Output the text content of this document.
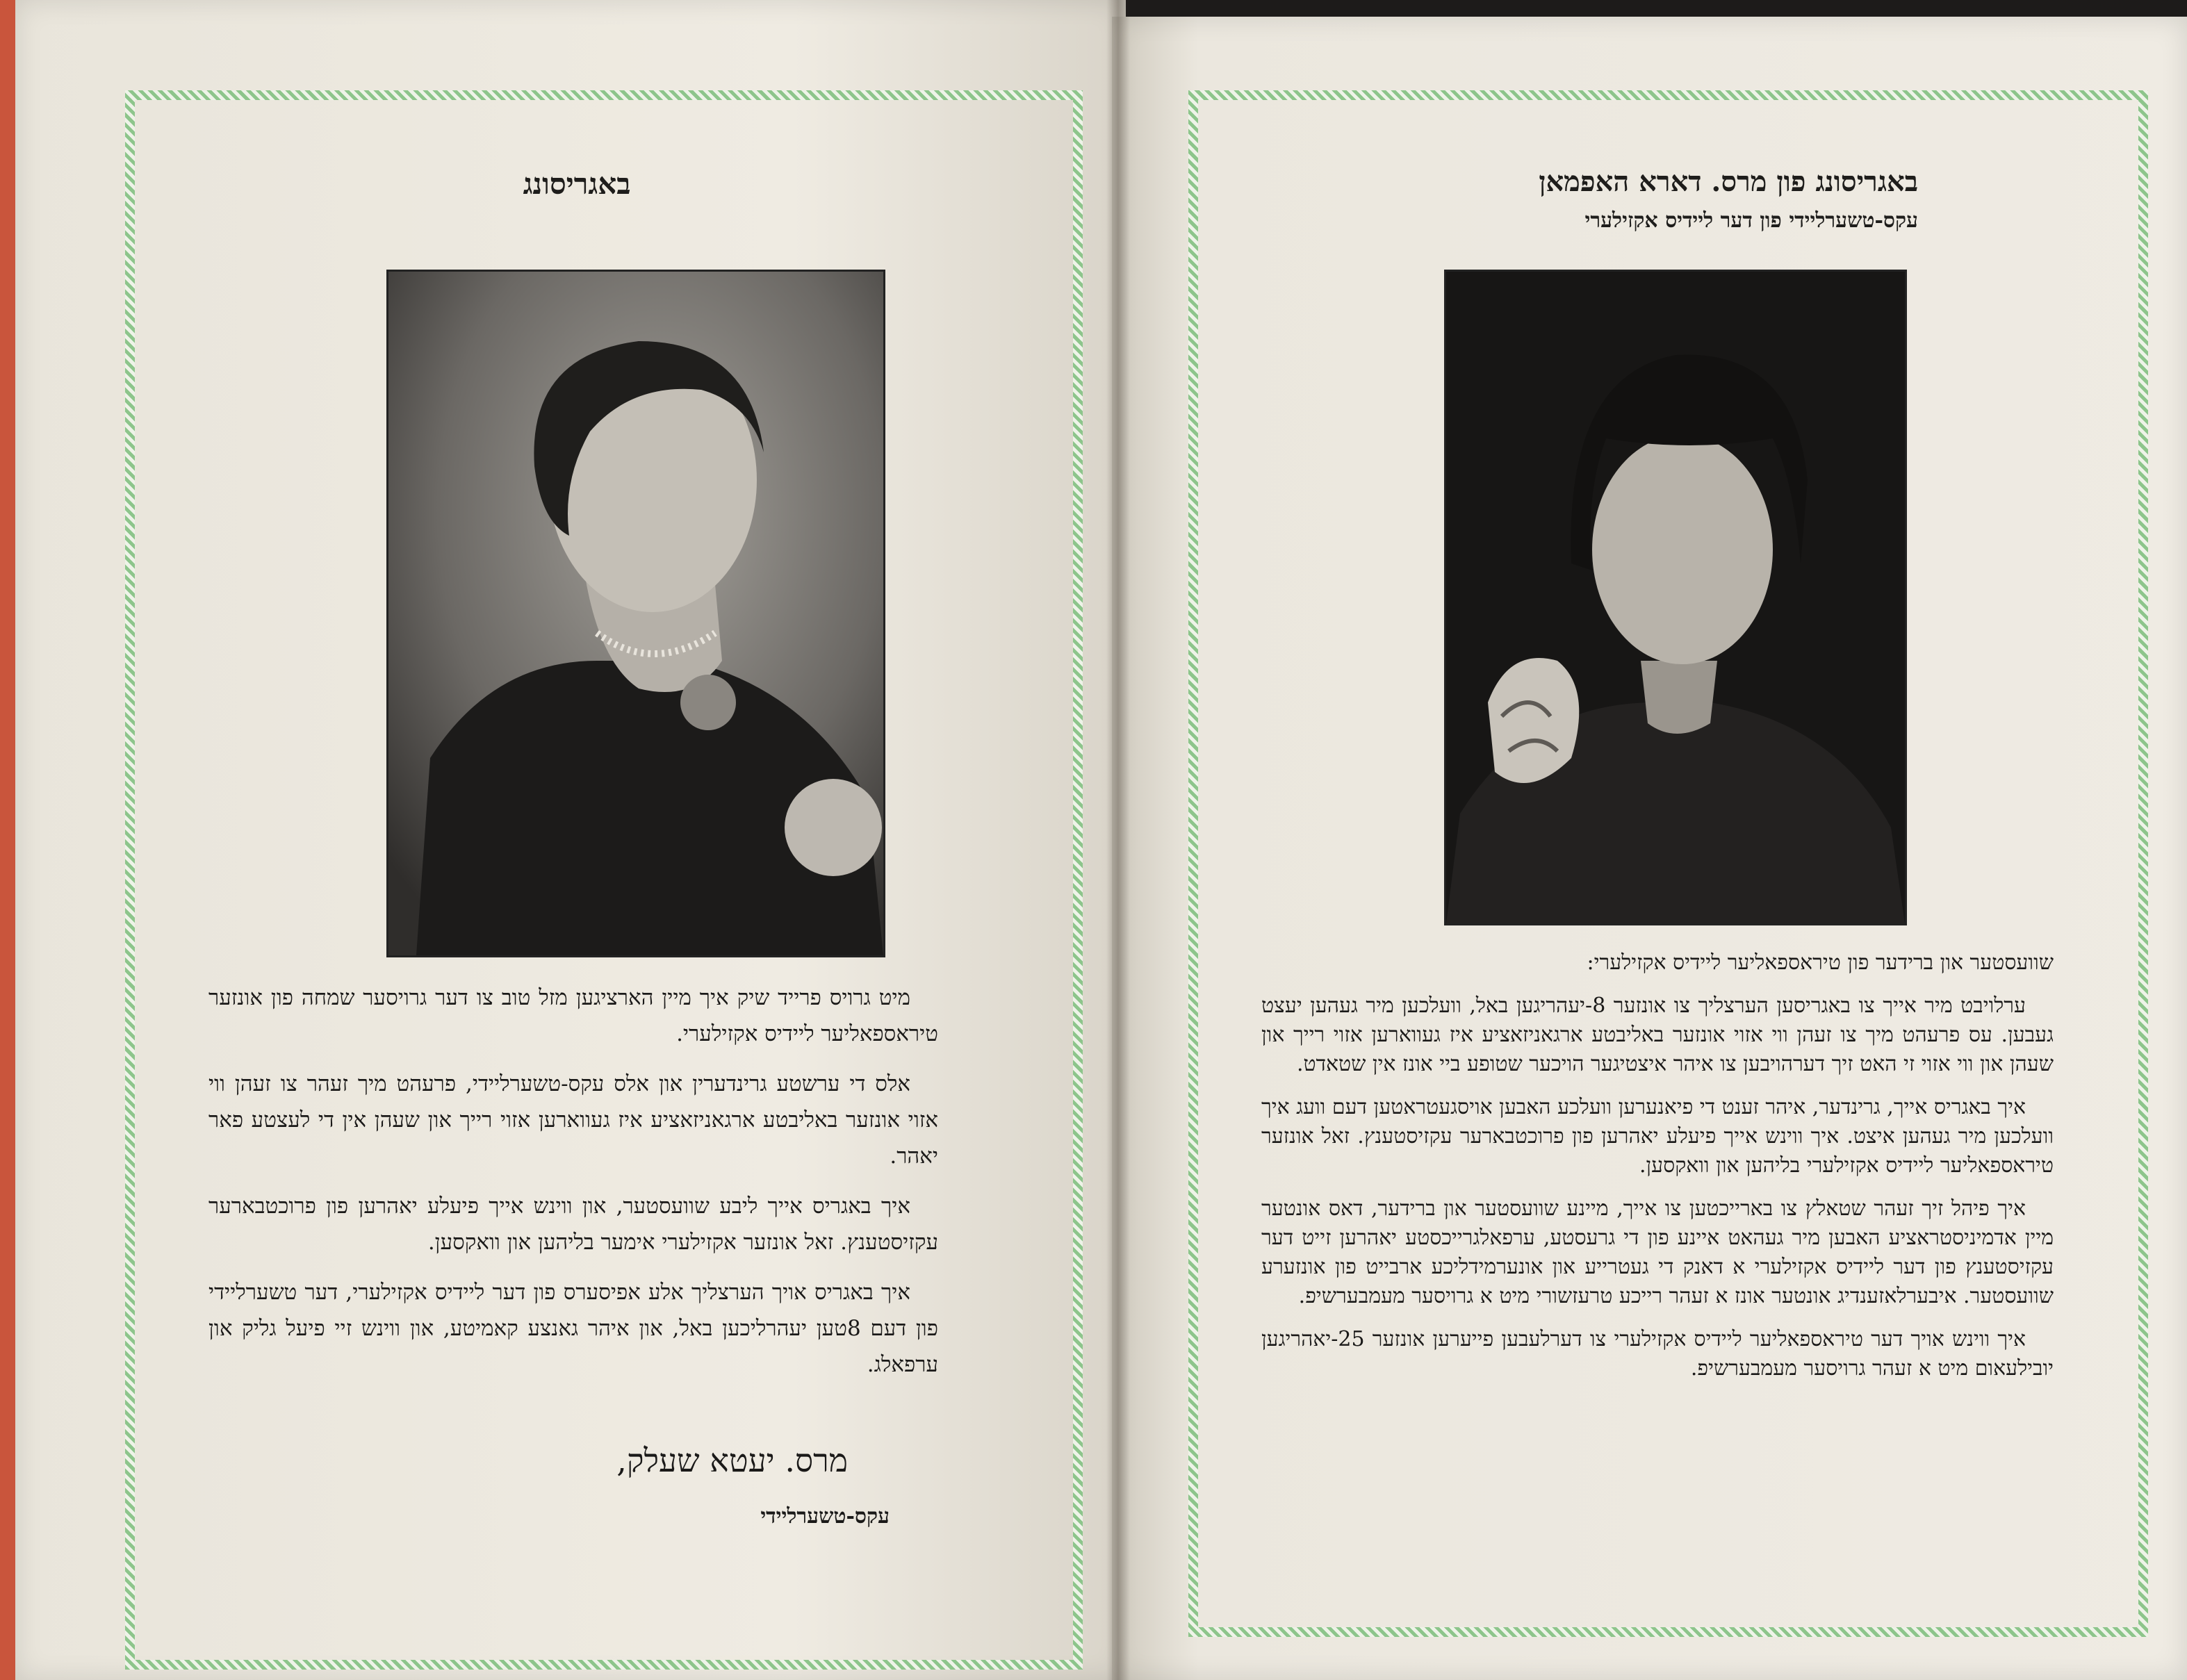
באגריסונג

מיט גרויס פרייד שיק איך מיין הארציגען מזל טוב צו דער גרויסער שמחה פון אונזער טיראספאליער ליידיס אקזילערי.

אלס די ערשטע גרינדערין און אלס עקס-טשערליידי, פרעהט מיך זעהר צו זעהן ווי אזוי אונזער באליבטע ארגאניזאציע איז געווארען אזוי רייך און שעהן אין די לעצטע פאר יאהר.

איך באגריס אייך ליבע שוועסטער, און ווינש אייך פיעלע יאהרען פון פרוכטבארער עקזיסטענץ. זאל אונזער אקזילערי אימער בליהען און וואקסען.

איך באגריס אויך הערצליך אלע אפיסערס פון דער ליידיס אקזילערי, דער טשערליידי פון דעם 8טען יעהרליכען באל, און איהר גאנצע קאמיטע, און ווינש זיי פיעל גליק און ערפאלג.

מרס. יעטא שעלק,
עקס-טשערליידי
באגריסונג פון מרס. דארא האפמאן
עקס-טשערליידי פון דער ליידיס אקזילערי

שוועסטער און ברידער פון טיראספאליער ליידיס אקזילערי:

ערלויבט מיר אייך צו באגריסען הערצליך צו אונזער 8-יעהריגען באל, וועלכען מיר געהען יעצט געבען. עס פרעהט מיך צו זעהן ווי אזוי אונזער באליבטע ארגאניזאציע איז געווארען אזוי רייך און שעהן און ווי אזוי זי האט זיך דערהויבען צו איהר איצטיגער הויכער שטופע ביי אונז אין שטאדט.

איך באגריס אייך, גרינדער, איהר זענט די פיאנערען וועלכע האבען אויסגעטראטען דעם וועג איך וועלכען מיר געהען איצט. איך ווינש אייך פיעלע יאהרען פון פרוכטבארער עקזיסטענץ. זאל אונזער טיראספאליער ליידיס אקזילערי בליהען און וואקסען.

איך פיהל זיך זעהר שטאלץ צו בארייכטען צו אייך, מיינע שוועסטער און ברידער, דאס אונטער מיין אדמיניסטראציע האבען מיר געהאט איינע פון די גרעסטע, ערפאלגרייכסטע יאהרען זייט דער עקזיסטענץ פון דער ליידיס אקזילערי א דאנק די געטרייע און אונערמידליכע ארבייט פון אונזערע שוועסטער. איבערלאזענדיג אונטער אונז א זעהר רייכע טרעזשורי מיט א גרויסער מעמבערשיפ.

איך ווינש אויך דער טיראספאליער ליידיס אקזילערי צו דערלעבען פייערען אונזער 25-יאהריגען יובילעאום מיט א זעהר גרויסער מעמבערשיפ.
